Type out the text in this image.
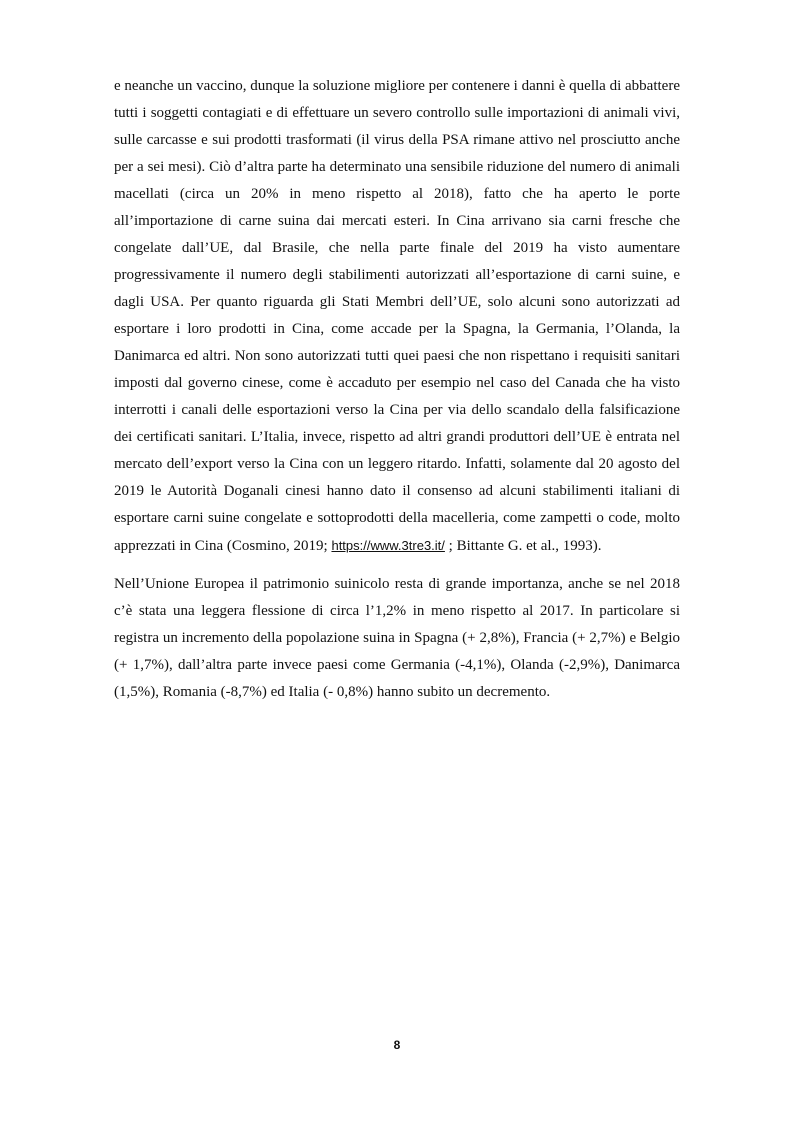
e neanche un vaccino, dunque la soluzione migliore per contenere i danni è quella di abbattere tutti i soggetti contagiati e di effettuare un severo controllo sulle importazioni di animali vivi, sulle carcasse e sui prodotti trasformati (il virus della PSA rimane attivo nel prosciutto anche per a sei mesi). Ciò d’altra parte ha determinato una sensibile riduzione del numero di animali macellati (circa un 20% in meno rispetto al 2018), fatto che ha aperto le porte all’importazione di carne suina dai mercati esteri. In Cina arrivano sia carni fresche che congelate dall’UE, dal Brasile, che nella parte finale del 2019 ha visto aumentare progressivamente il numero degli stabilimenti autorizzati all’esportazione di carni suine, e dagli USA. Per quanto riguarda gli Stati Membri dell’UE, solo alcuni sono autorizzati ad esportare i loro prodotti in Cina, come accade per la Spagna, la Germania, l’Olanda, la Danimarca ed altri. Non sono autorizzati tutti quei paesi che non rispettano i requisiti sanitari imposti dal governo cinese, come è accaduto per esempio nel caso del Canada che ha visto interrotti i canali delle esportazioni verso la Cina per via dello scandalo della falsificazione dei certificati sanitari. L’Italia, invece, rispetto ad altri grandi produttori dell’UE è entrata nel mercato dell’export verso la Cina con un leggero ritardo. Infatti, solamente dal 20 agosto del 2019 le Autorità Doganali cinesi hanno dato il consenso ad alcuni stabilimenti italiani di esportare carni suine congelate e sottoprodotti della macelleria, come zampetti o code, molto apprezzati in Cina (Cosmino, 2019; https://www.3tre3.it/ ; Bittante G. et al., 1993).

Nell’Unione Europea il patrimonio suinicolo resta di grande importanza, anche se nel 2018 c’è stata una leggera flessione di circa l’1,2% in meno rispetto al 2017. In particolare si registra un incremento della popolazione suina in Spagna (+ 2,8%), Francia (+ 2,7%) e Belgio (+ 1,7%), dall’altra parte invece paesi come Germania (-4,1%), Olanda (-2,9%), Danimarca (1,5%), Romania (-8,7%) ed Italia (- 0,8%) hanno subito un decremento.

8
